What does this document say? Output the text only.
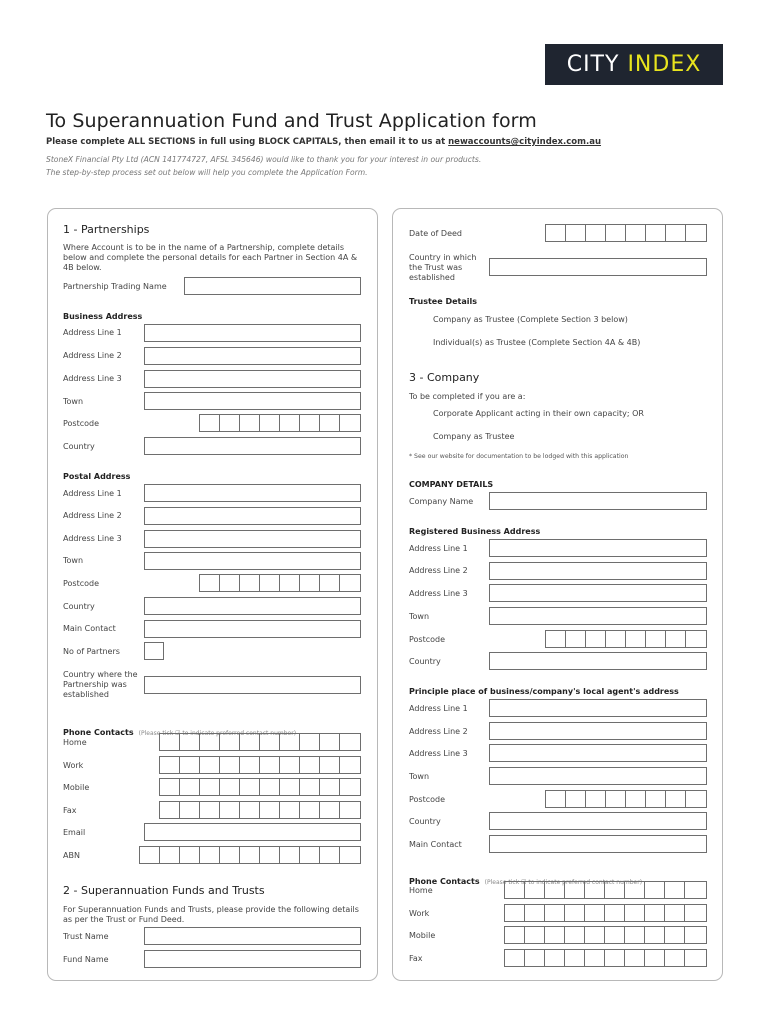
CITY INDEX
To Superannuation Fund and Trust Application form
Please complete ALL SECTIONS in full using BLOCK CAPITALS, then email it to us at newaccounts@cityindex.com.au
StoneX Financial Pty Ltd (ACN 141774727, AFSL 345646) would like to thank you for your interest in our products.
The step-by-step process set out below will help you complete the Application Form.
1 - Partnerships
Where Account is to be in the name of a Partnership, complete details below and complete the personal details for each Partner in Section 4A & 4B below.
Partnership Trading Name
Business Address
Address Line 1
Address Line 2
Address Line 3
Town
Postcode
Country
Postal Address
Address Line 1
Address Line 2
Address Line 3
Town
Postcode
Country
Main Contact
No of Partners
Country where the Partnership was established
Phone Contacts (Please tick ☑ to indicate preferred contact number)
Home
Work
Mobile
Fax
Email
ABN
2 - Superannuation Funds and Trusts
For Superannuation Funds and Trusts, please provide the following details as per the Trust or Fund Deed.
Trust Name
Fund Name
Date of Deed
Country in which the Trust was established
Trustee Details
Company as Trustee (Complete Section 3 below)
Individual(s) as Trustee (Complete Section 4A & 4B)
3 - Company
To be completed if you are a:
Corporate Applicant acting in their own capacity; OR
Company as Trustee
* See our website for documentation to be lodged with this application
COMPANY DETAILS
Company Name
Registered Business Address
Address Line 1
Address Line 2
Address Line 3
Town
Postcode
Country
Principle place of business/company's local agent's address
Address Line 1
Address Line 2
Address Line 3
Town
Postcode
Country
Main Contact
Phone Contacts (Please tick ☑ to indicate preferred contact number)
Home
Work
Mobile
Fax
